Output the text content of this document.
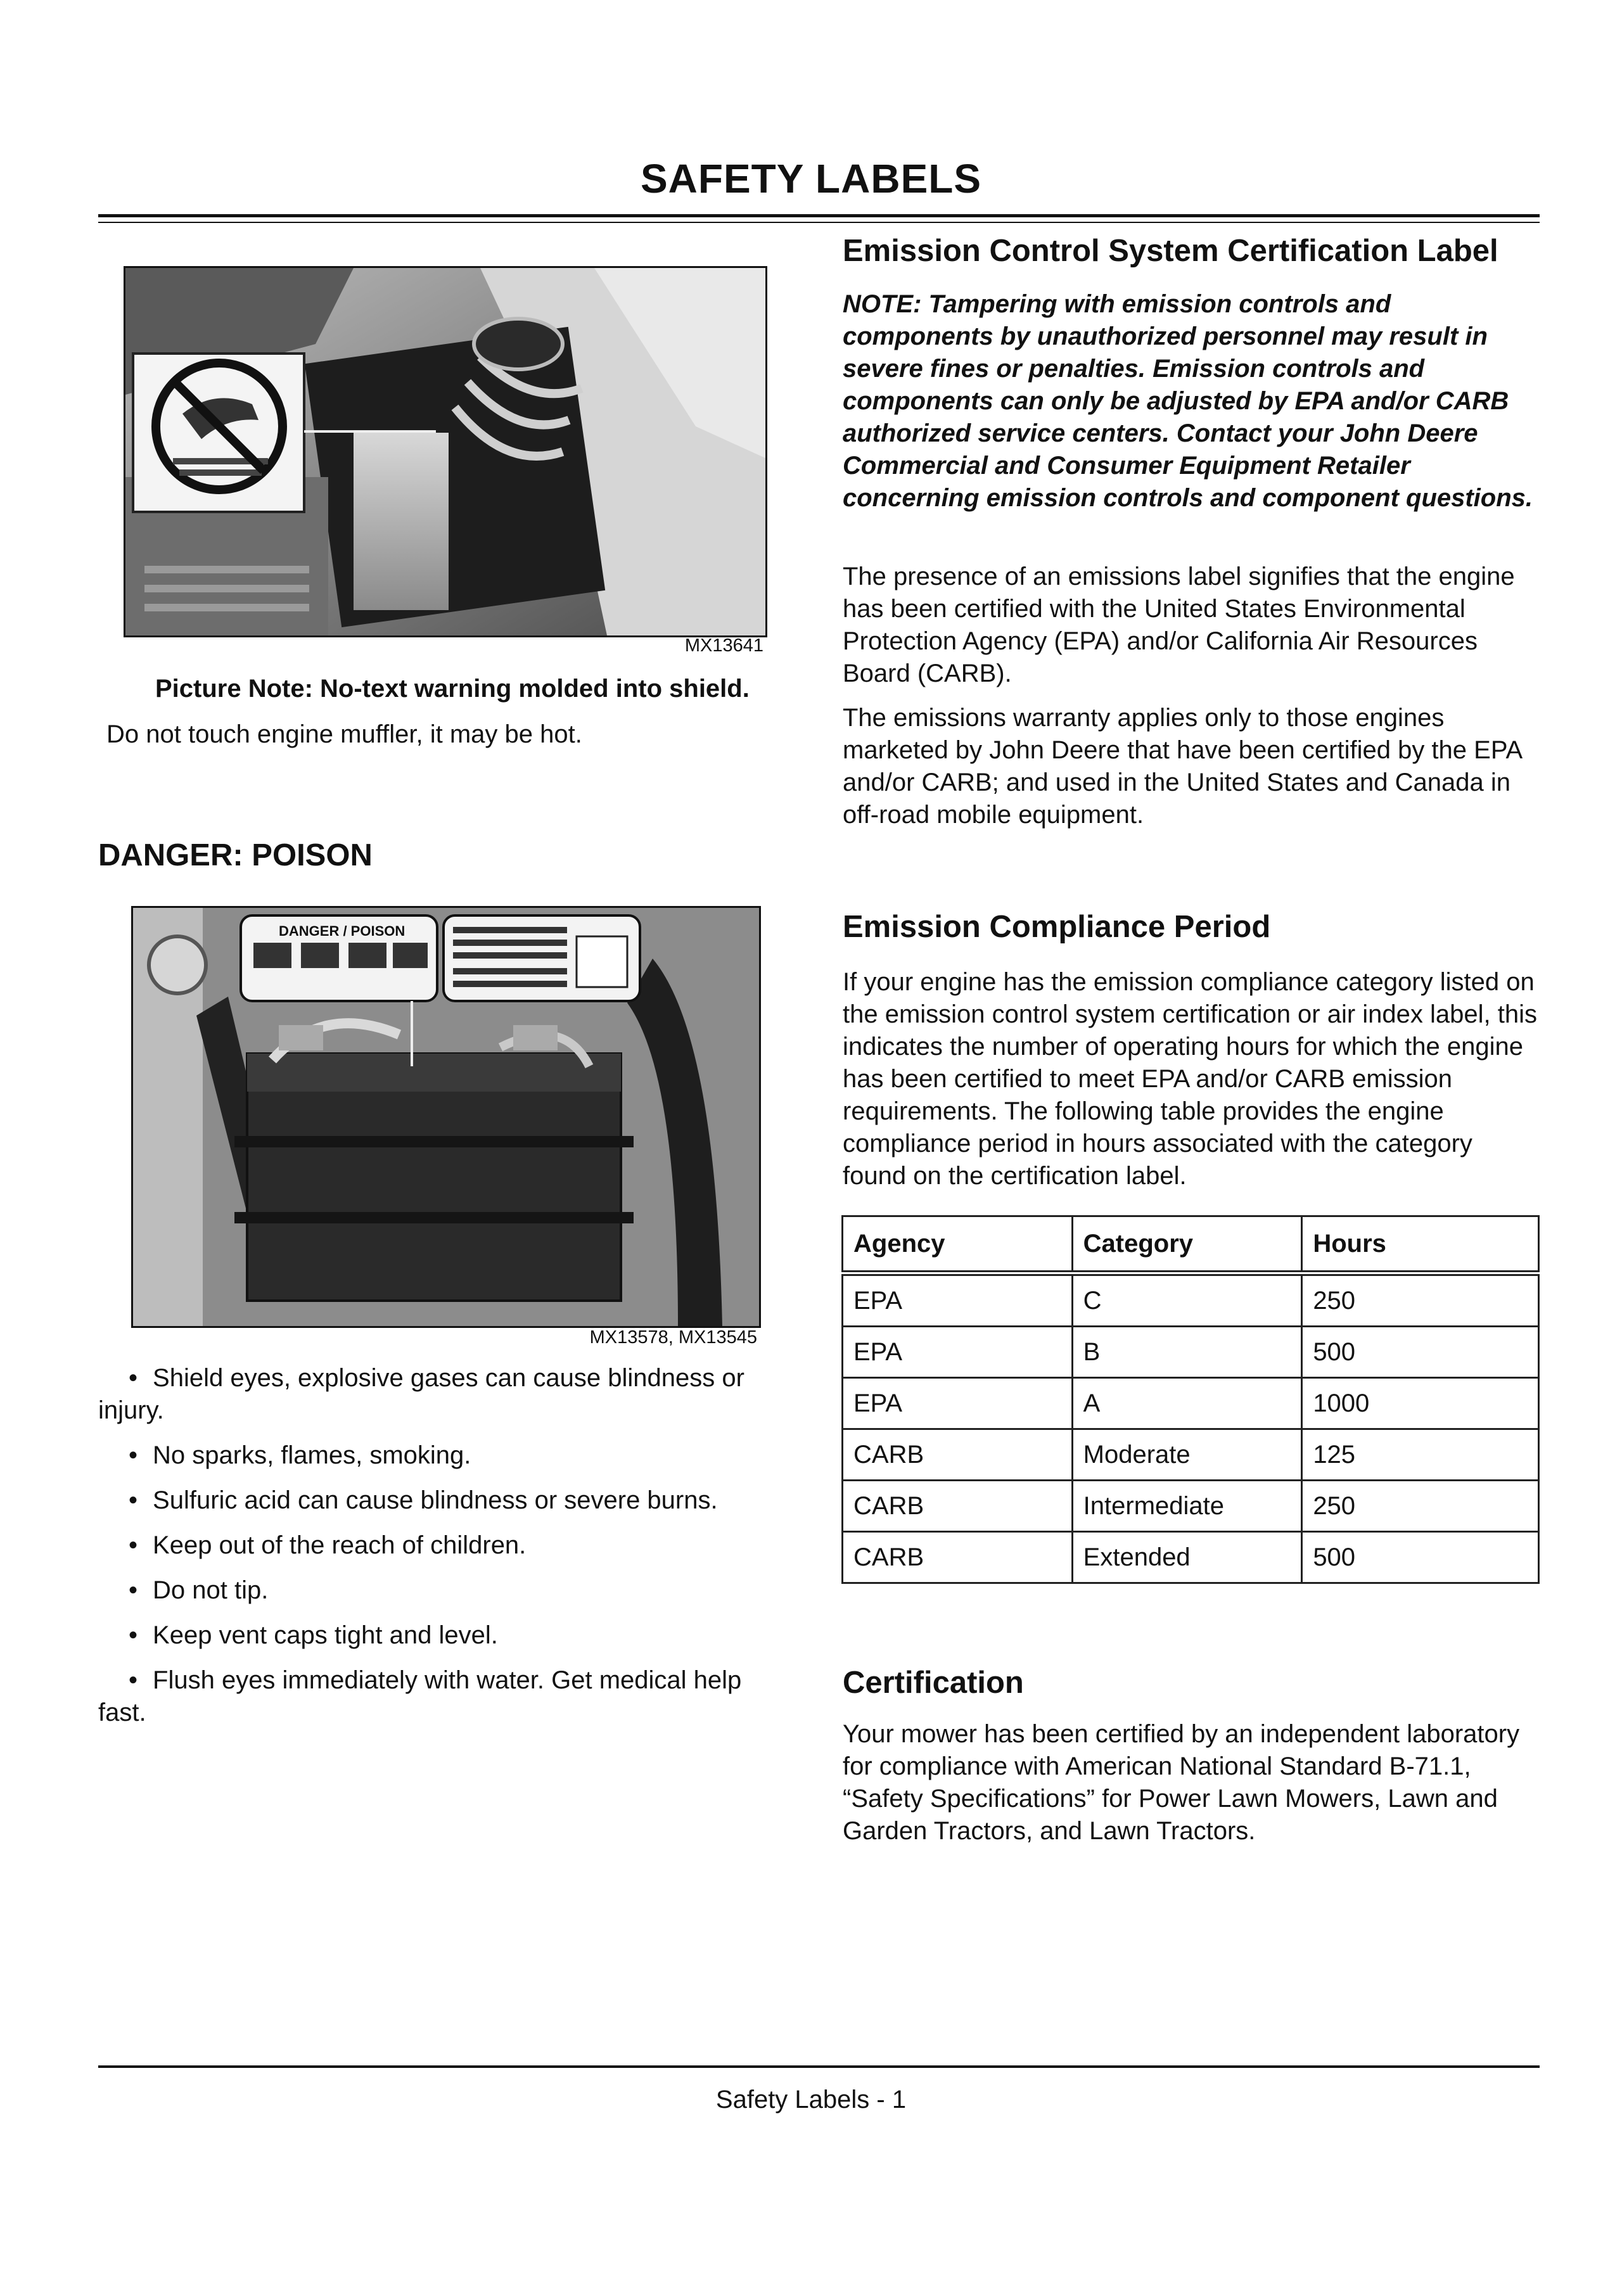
SAFETY LABELS
MX13641
Picture Note: No-text warning molded into shield.
Do not touch engine muffler, it may be hot.
DANGER: POISON
DANGER / POISON
MX13578, MX13545
• Shield eyes, explosive gases can cause blindness or injury.
• No sparks, flames, smoking.
• Sulfuric acid can cause blindness or severe burns.
• Keep out of the reach of children.
• Do not tip.
• Keep vent caps tight and level.
• Flush eyes immediately with water. Get medical help fast.
Emission Control System Certification Label

NOTE: Tampering with emission controls and components by unauthorized personnel may result in severe fines or penalties. Emission controls and components can only be adjusted by EPA and/or CARB authorized service centers. Contact your John Deere Commercial and Consumer Equipment Retailer concerning emission controls and component questions.

The presence of an emissions label signifies that the engine has been certified with the United States Environmental Protection Agency (EPA) and/or California Air Resources Board (CARB).

The emissions warranty applies only to those engines marketed by John Deere that have been certified by the EPA and/or CARB; and used in the United States and Canada in off-road mobile equipment.

Emission Compliance Period

If your engine has the emission compliance category listed on the emission control system certification or air index label, this indicates the number of operating hours for which the engine has been certified to meet EPA and/or CARB emission requirements. The following table provides the engine compliance period in hours associated with the category found on the certification label.

Agency	Category	Hours
EPA	C	250
EPA	B	500
EPA	A	1000
CARB	Moderate	125
CARB	Intermediate	250
CARB	Extended	500
Certification

Your mower has been certified by an independent laboratory for compliance with American National Standard B-71.1, “Safety Specifications” for Power Lawn Mowers, Lawn and Garden Tractors, and Lawn Tractors.

Safety Labels - 1
